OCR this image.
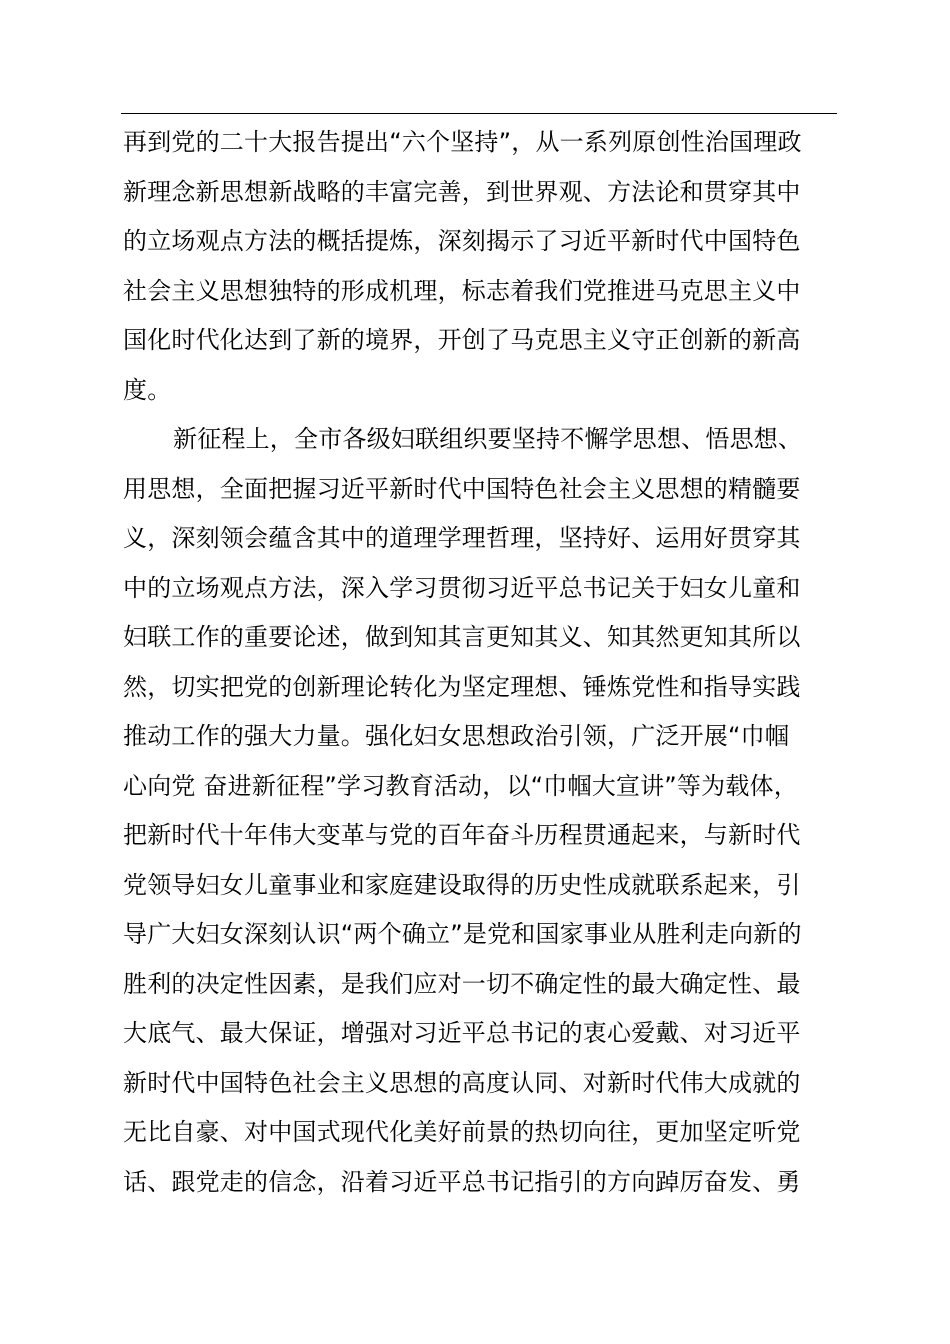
再到党的二十大报告提出“六个坚持”，从一系列原创性治国理政
新理念新思想新战略的丰富完善，到世界观、方法论和贯穿其中
的立场观点方法的概括提炼，深刻揭示了习近平新时代中国特色
社会主义思想独特的形成机理，标志着我们党推进马克思主义中
国化时代化达到了新的境界，开创了马克思主义守正创新的新高
度。
新征程上，全市各级妇联组织要坚持不懈学思想、悟思想、
用思想，全面把握习近平新时代中国特色社会主义思想的精髓要
义，深刻领会蕴含其中的道理学理哲理，坚持好、运用好贯穿其
中的立场观点方法，深入学习贯彻习近平总书记关于妇女儿童和
妇联工作的重要论述，做到知其言更知其义、知其然更知其所以
然，切实把党的创新理论转化为坚定理想、锤炼党性和指导实践
推动工作的强大力量。强化妇女思想政治引领，广泛开展“巾帼
心向党 奋进新征程”学习教育活动，以“巾帼大宣讲”等为载体，
把新时代十年伟大变革与党的百年奋斗历程贯通起来，与新时代
党领导妇女儿童事业和家庭建设取得的历史性成就联系起来，引
导广大妇女深刻认识“两个确立”是党和国家事业从胜利走向新的
胜利的决定性因素，是我们应对一切不确定性的最大确定性、最
大底气、最大保证，增强对习近平总书记的衷心爱戴、对习近平
新时代中国特色社会主义思想的高度认同、对新时代伟大成就的
无比自豪、对中国式现代化美好前景的热切向往，更加坚定听党
话、跟党走的信念，沿着习近平总书记指引的方向踔厉奋发、勇
